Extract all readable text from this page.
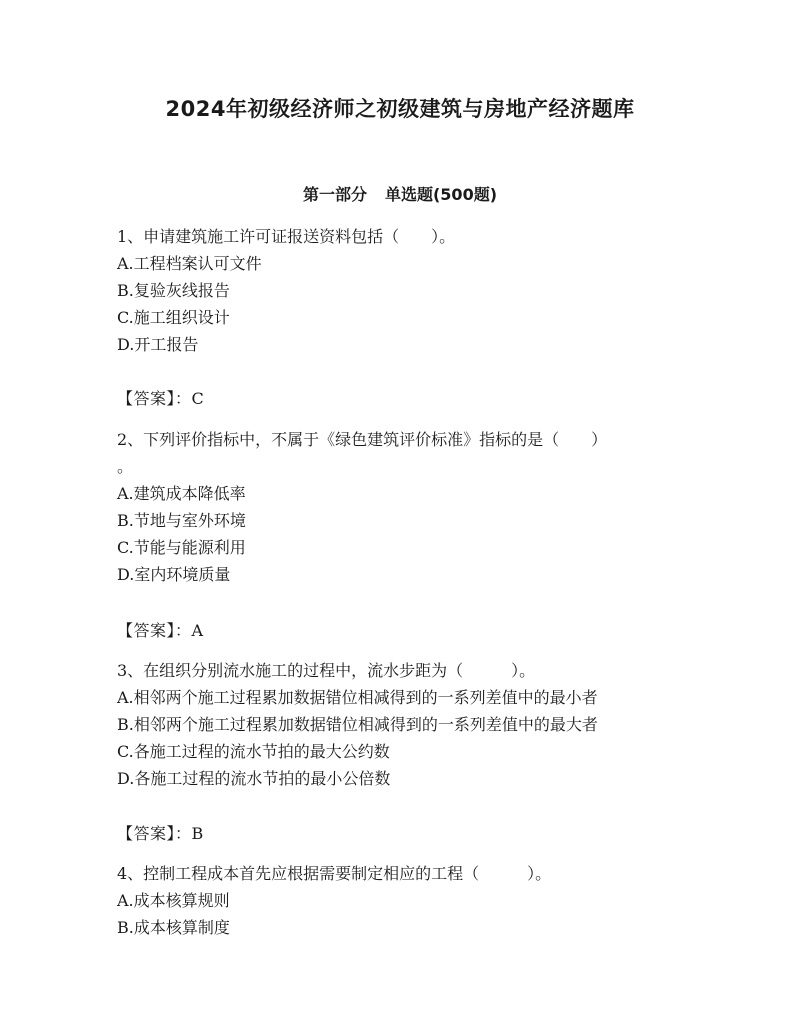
2024年初级经济师之初级建筑与房地产经济题库
第一部分 单选题(500题)

1、申请建筑施工许可证报送资料包括（　　）。

A.工程档案认可文件

B.复验灰线报告

C.施工组织设计

D.开工报告

【答案】：C

2、下列评价指标中，不属于《绿色建筑评价标准》指标的是（　　）

。

A.建筑成本降低率

B.节地与室外环境

C.节能与能源利用

D.室内环境质量

【答案】：A

3、在组织分别流水施工的过程中，流水步距为（　　　）。

A.相邻两个施工过程累加数据错位相减得到的一系列差值中的最小者

B.相邻两个施工过程累加数据错位相减得到的一系列差值中的最大者

C.各施工过程的流水节拍的最大公约数

D.各施工过程的流水节拍的最小公倍数

【答案】：B

4、控制工程成本首先应根据需要制定相应的工程（　　　）。

A.成本核算规则

B.成本核算制度
